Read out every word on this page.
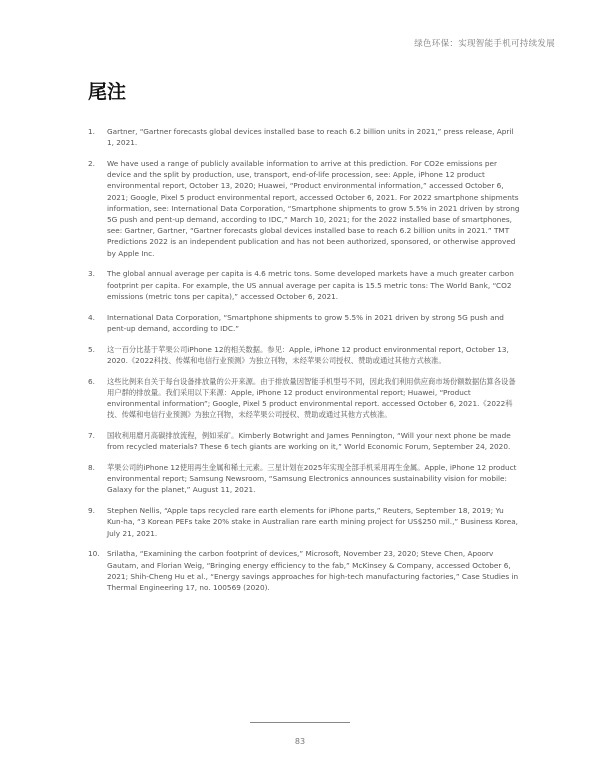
绿色环保：实现智能手机可持续发展
尾注
1. Gartner, “Gartner forecasts global devices installed base to reach 6.2 billion units in 2021,” press release, April 1, 2021.
2. We have used a range of publicly available information to arrive at this prediction. For CO2e emissions per device and the split by production, use, transport, end-of-life procession, see: Apple, iPhone 12 product environmental report, October 13, 2020; Huawei, “Product environmental information,” accessed October 6, 2021; Google, Pixel 5 product environmental report, accessed October 6, 2021. For 2022 smartphone shipments information, see: International Data Corporation, “Smartphone shipments to grow 5.5% in 2021 driven by strong 5G push and pent-up demand, according to IDC,” March 10, 2021; for the 2022 installed base of smartphones, see: Gartner, Gartner, “Gartner forecasts global devices installed base to reach 6.2 billion units in 2021.” TMT Predictions 2022 is an independent publication and has not been authorized, sponsored, or otherwise approved by Apple Inc.
3. The global annual average per capita is 4.6 metric tons. Some developed markets have a much greater carbon footprint per capita. For example, the US annual average per capita is 15.5 metric tons: The World Bank, “CO2 emissions (metric tons per capita),” accessed October 6, 2021.
4. International Data Corporation, “Smartphone shipments to grow 5.5% in 2021 driven by strong 5G push and pent-up demand, according to IDC.”
5. 这一百分比基于苹果公司iPhone 12的相关数据。参见：Apple, iPhone 12 product environmental report, October 13, 2020.《2022科技、传媒和电信行业预测》为独立刊物，未经苹果公司授权、赞助或通过其他方式核准。
6. 这些比例来自关于每台设备排放量的公开来源。由于排放量因智能手机型号不同，因此我们利用供应商市场份额数据估算各设备用户群的排放量。我们采用以下来源：Apple, iPhone 12 product environmental report; Huawei, “Product environmental information”; Google, Pixel 5 product environmental report. accessed October 6, 2021.《2022科技、传媒和电信行业预测》为独立刊物，未经苹果公司授权、赞助或通过其他方式核准。
7. 国收利用磨月高碳排放流程，例如采矿。Kimberly Botwright and James Pennington, “Will your next phone be made from recycled materials? These 6 tech giants are working on it,” World Economic Forum, September 24, 2020.
8. 苹果公司的iPhone 12使用再生金属和稀土元素。三星计划在2025年实现全部手机采用再生金属。Apple, iPhone 12 product environmental report; Samsung Newsroom, “Samsung Electronics announces sustainability vision for mobile: Galaxy for the planet,” August 11, 2021.
9. Stephen Nellis, “Apple taps recycled rare earth elements for iPhone parts,” Reuters, September 18, 2019; Yu Kun-ha, “3 Korean PEFs take 20% stake in Australian rare earth mining project for US$250 mil.,” Business Korea, July 21, 2021.
10. Srilatha, “Examining the carbon footprint of devices,” Microsoft, November 23, 2020; Steve Chen, Apoorv Gautam, and Florian Weig, “Bringing energy efficiency to the fab,” McKinsey & Company, accessed October 6, 2021; Shih-Cheng Hu et al., “Energy savings approaches for high-tech manufacturing factories,” Case Studies in Thermal Engineering 17, no. 100569 (2020).
83
